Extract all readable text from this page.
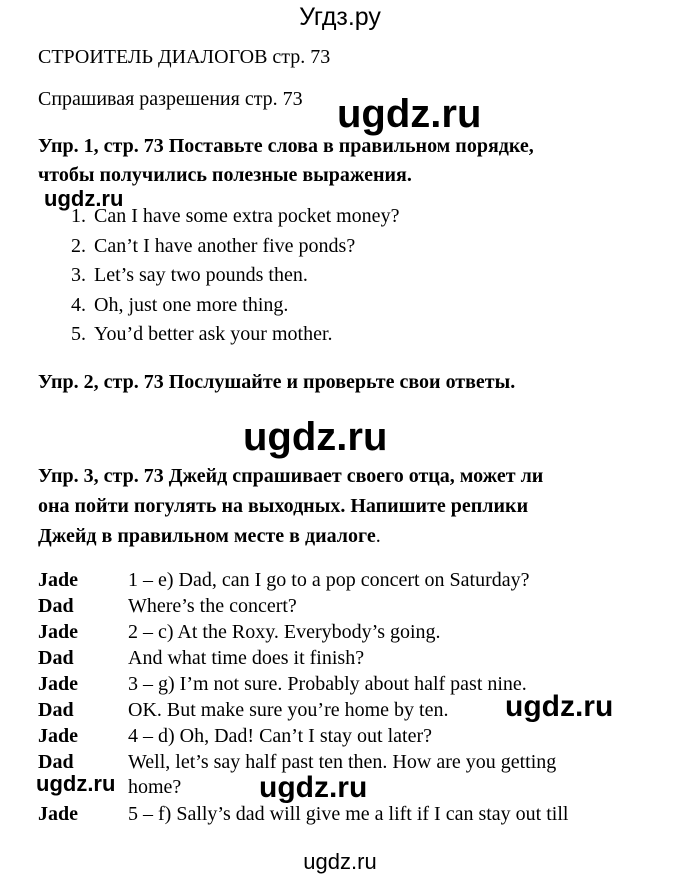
Угдз.ру
СТРОИТЕЛЬ ДИАЛОГОВ стр. 73
Спрашивая разрешения стр. 73
Упр. 1, стр. 73 Поставьте слова в правильном порядке,
чтобы получились полезные выражения.
1. Can I have some extra pocket money?
2. Can’t I have another five ponds?
3. Let’s say two pounds then.
4. Oh, just one more thing.
5. You’d better ask your mother.
Упр. 2, стр. 73 Послушайте и проверьте свои ответы.
Упр. 3, стр. 73 Джейд спрашивает своего отца, может ли
она пойти погулять на выходных. Напишите реплики
Джейд в правильном месте в диалоге.
Jade	1 – e) Dad, can I go to a pop concert on Saturday?
Dad	Where’s the concert?
Jade	2 – c) At the Roxy. Everybody’s going.
Dad	And what time does it finish?
Jade	3 – g) I’m not sure. Probably about half past nine.
Dad	OK. But make sure you’re home by ten.
Jade	4 – d) Oh, Dad! Can’t I stay out later?
Dad	Well, let’s say half past ten then. How are you getting
home?
Jade	5 – f) Sally’s dad will give me a lift if I can stay out till
ugdz.ru
ugdz.ru
ugdz.ru
ugdz.ru
ugdz.ru	ugdz.ru
ugdz.ru
